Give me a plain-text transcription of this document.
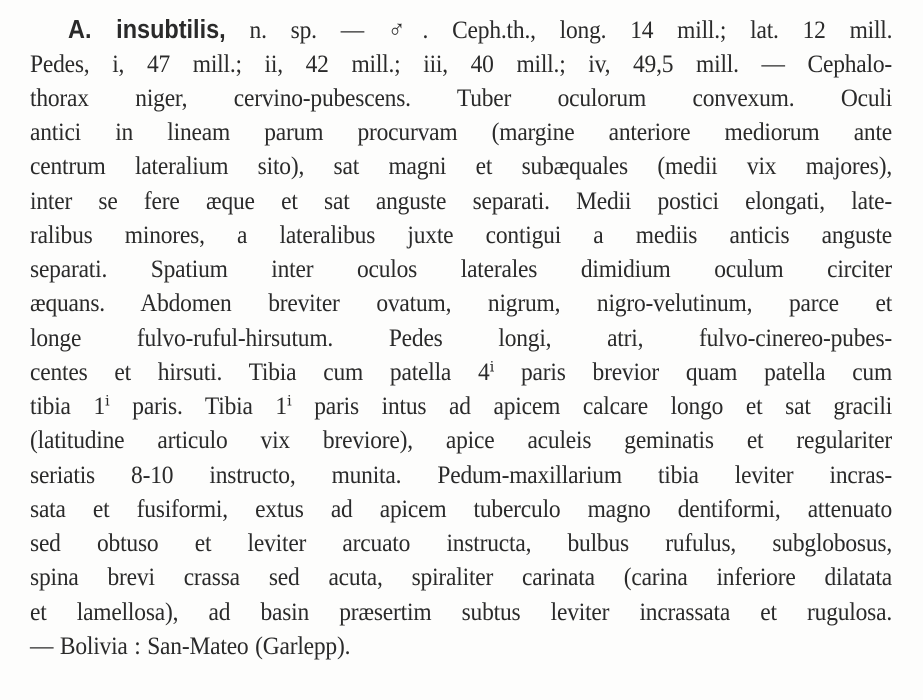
A. insubtilis, n. sp. — ♂. Ceph.th., long. 14 mill.; lat. 12 mill.
Pedes, i, 47 mill.; ii, 42 mill.; iii, 40 mill.; iv, 49,5 mill. — Cephalo-
thorax niger, cervino-pubescens. Tuber oculorum convexum. Oculi
antici in lineam parum procurvam (margine anteriore mediorum ante
centrum lateralium sito), sat magni et subæquales (medii vix majores),
inter se fere æque et sat anguste separati. Medii postici elongati, late-
ralibus minores, a lateralibus juxte contigui a mediis anticis anguste
separati. Spatium inter oculos laterales dimidium oculum circiter
æquans. Abdomen breviter ovatum, nigrum, nigro-velutinum, parce et
longe fulvo-ruful-hirsutum. Pedes longi, atri, fulvo-cinereo-pubes-
centes et hirsuti. Tibia cum patella 4ⁱ paris brevior quam patella cum
tibia 1ⁱ paris. Tibia 1ⁱ paris intus ad apicem calcare longo et sat gracili
(latitudine articulo vix breviore), apice aculeis geminatis et regulariter
seriatis 8-10 instructo, munita. Pedum-maxillarium tibia leviter incras-
sata et fusiformi, extus ad apicem tuberculo magno dentiformi, attenuato
sed obtuso et leviter arcuato instructa, bulbus rufulus, subglobosus,
spina brevi crassa sed acuta, spiraliter carinata (carina inferiore dilatata
et lamellosa), ad basin præsertim subtus leviter incrassata et rugulosa.
— Bolivia : San-Mateo (Garlepp).
